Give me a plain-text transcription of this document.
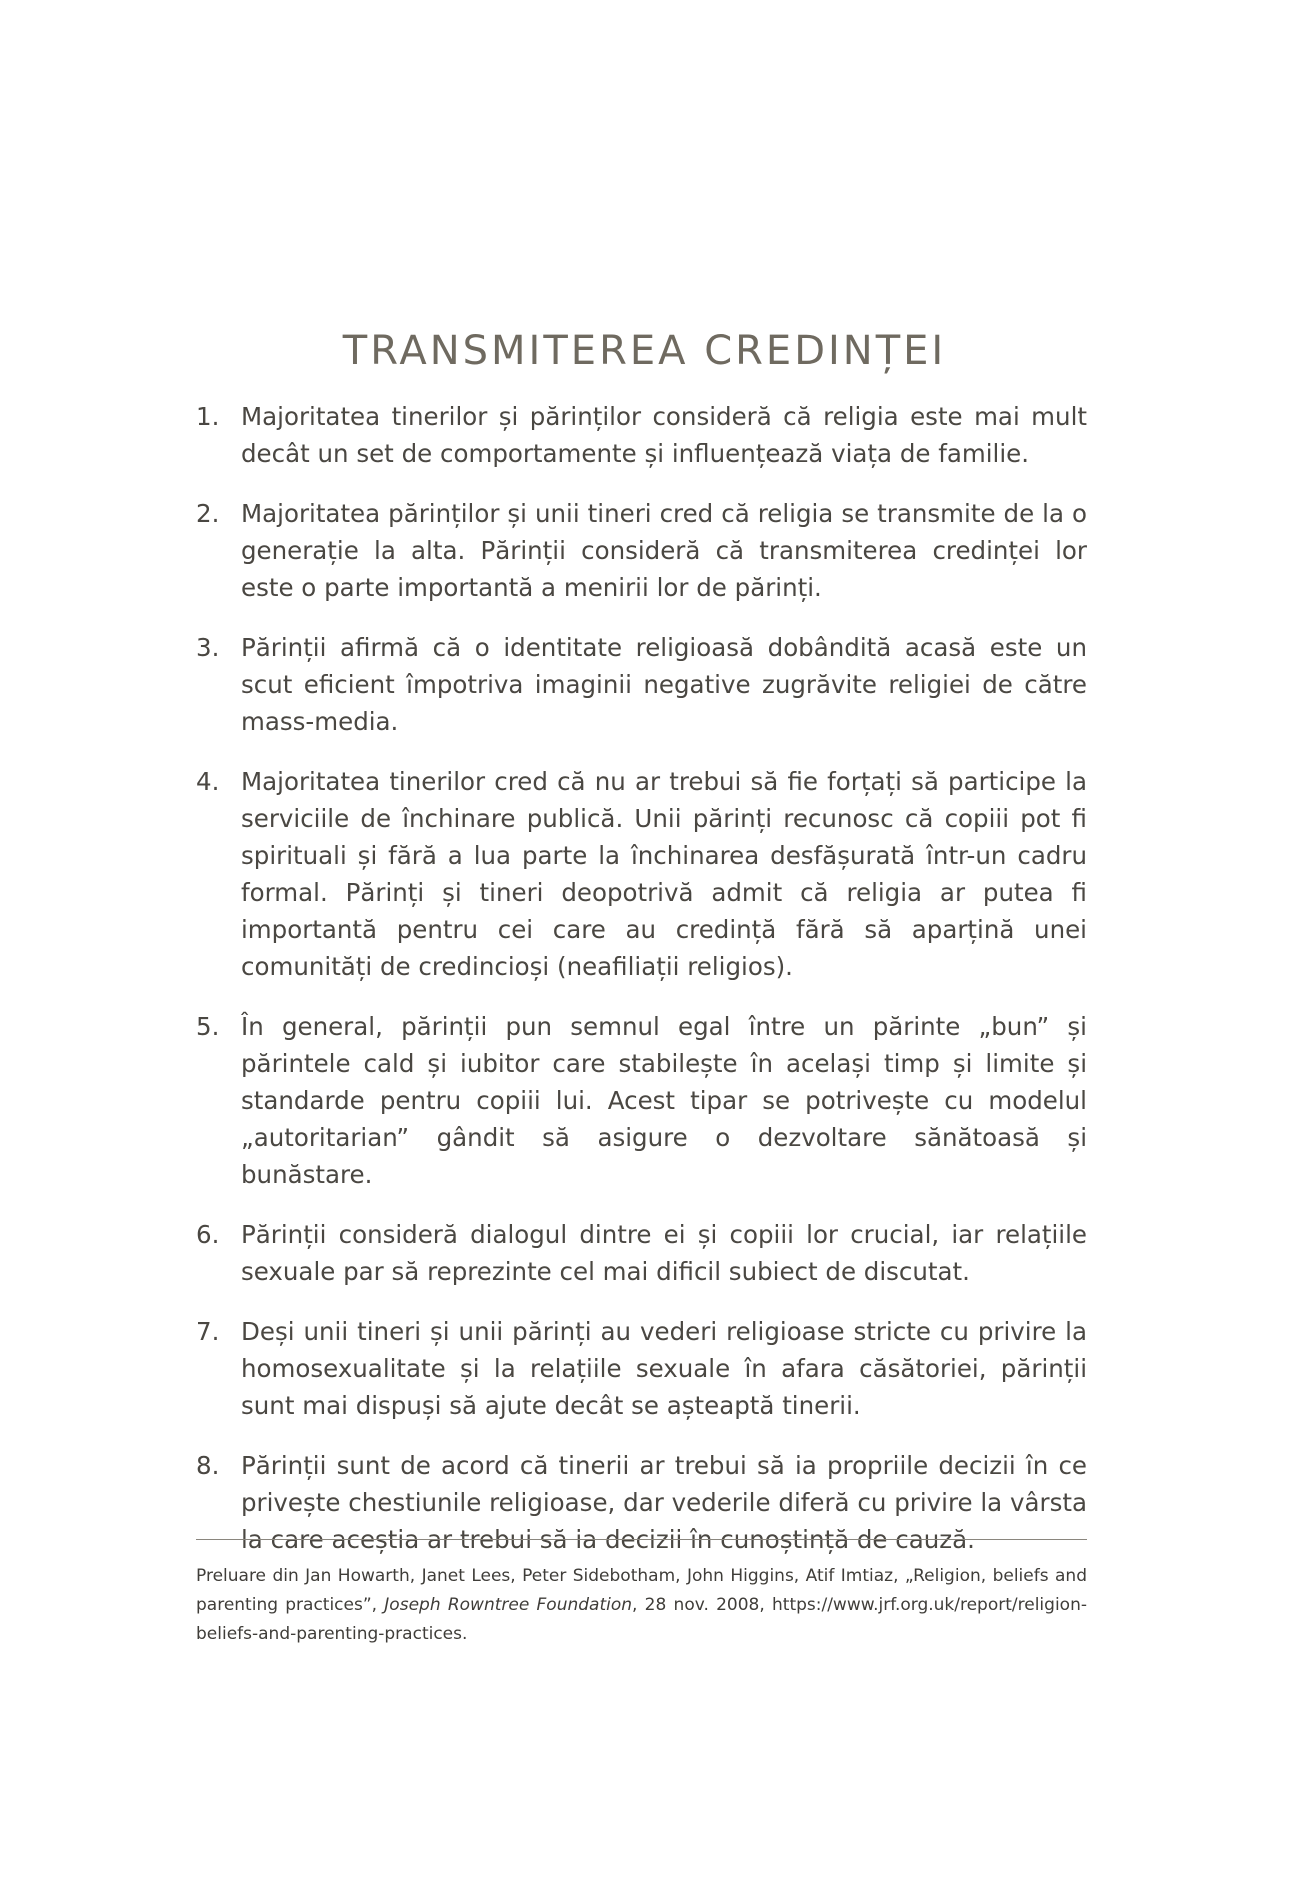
TRANSMITEREA CREDINȚEI
1. Majoritatea tinerilor și părinților consideră că religia este mai mult decât un set de comportamente și influențează viața de familie.
2. Majoritatea părinților și unii tineri cred că religia se transmite de la o generație la alta. Părinții consideră că transmiterea credinței lor este o parte importantă a menirii lor de părinți.
3. Părinții afirmă că o identitate religioasă dobândită acasă este un scut eficient împotriva imaginii negative zugrăvite religiei de către mass-media.
4. Majoritatea tinerilor cred că nu ar trebui să fie forțați să participe la serviciile de închinare publică. Unii părinți recunosc că copiii pot fi spirituali și fără a lua parte la închinarea desfășurată într-un cadru formal. Părinți și tineri deopotrivă admit că religia ar putea fi importantă pentru cei care au credință fără să aparțină unei comunități de credincioși (neafiliații religios).
5. În general, părinții pun semnul egal între un părinte „bun” și părintele cald și iubitor care stabilește în același timp și limite și standarde pentru copiii lui. Acest tipar se potrivește cu modelul „autoritarian” gândit să asigure o dezvoltare sănătoasă și bunăstare.
6. Părinții consideră dialogul dintre ei și copiii lor crucial, iar relațiile sexuale par să reprezinte cel mai dificil subiect de discutat.
7. Deși unii tineri și unii părinți au vederi religioase stricte cu privire la homosexualitate și la relațiile sexuale în afara căsătoriei, părinții sunt mai dispuși să ajute decât se așteaptă tinerii.
8. Părinții sunt de acord că tinerii ar trebui să ia propriile decizii în ce privește chestiunile religioase, dar vederile diferă cu privire la vârsta la care aceștia ar trebui să ia decizii în cunoștință de cauză.

Preluare din Jan Howarth, Janet Lees, Peter Sidebotham, John Higgins, Atif Imtiaz, „Religion, beliefs and parenting practices”, Joseph Rowntree Foundation, 28 nov. 2008, https://www.jrf.org.uk/report/religion-beliefs-and-parenting-practices.
